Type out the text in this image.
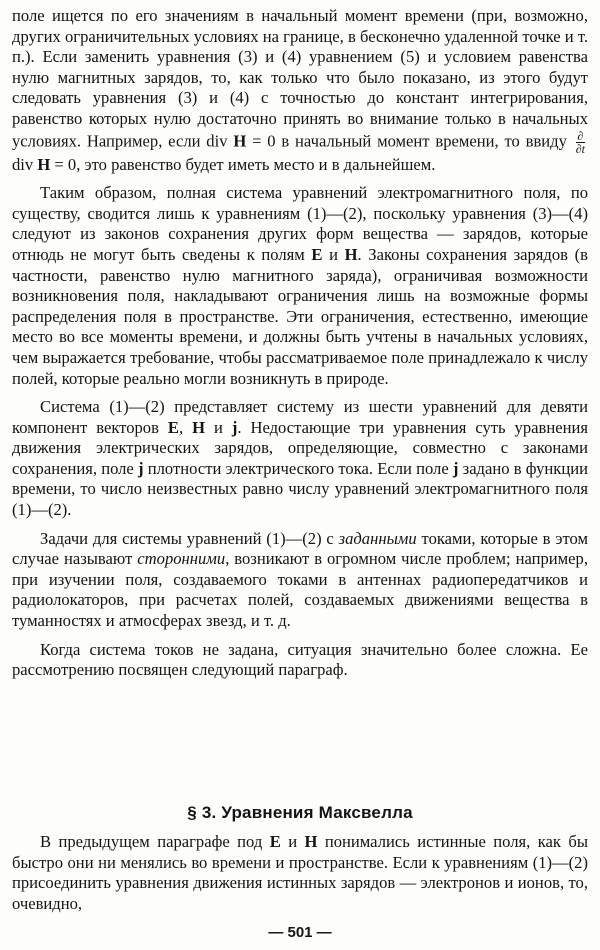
поле ищется по его значениям в начальный момент времени (при, возможно, других ограничительных условиях на границе, в бесконечно удаленной точке и т. п.). Если заменить уравнения (3) и (4) уравнением (5) и условием равенства нулю магнитных зарядов, то, как только что было показано, из этого будут следовать уравнения (3) и (4) с точностью до констант интегрирования, равенство которых нулю достаточно принять во внимание только в начальных условиях. Например, если div H = 0 в начальный момент времени, то ввиду $\frac{\partial}{\partial t}$
div H = 0, это равенство будет иметь место и в дальнейшем.

Таким образом, полная система уравнений электромагнитного поля, по существу, сводится лишь к уравнениям (1)—(2), поскольку уравнения (3)—(4) следуют из законов сохранения других форм вещества — зарядов, которые отнюдь не могут быть сведены к полям E и H. Законы сохранения зарядов (в частности, равенство нулю магнитного заряда), ограничивая возможности возникновения поля, накладывают ограничения лишь на возможные формы распределения поля в пространстве. Эти ограничения, естественно, имеющие место во все моменты времени, и должны быть учтены в начальных условиях, чем выражается требование, чтобы рассматриваемое поле принадлежало к числу полей, которые реально могли возникнуть в природе.

Система (1)—(2) представляет систему из шести уравнений для девяти компонент векторов E, H и j. Недостающие три уравнения суть уравнения движения электрических зарядов, определяющие, совместно с законами сохранения, поле j плотности электрического тока. Если поле j задано в функции времени, то число неизвестных равно числу уравнений электромагнитного поля (1)—(2).

Задачи для системы уравнений (1)—(2) с заданными токами, которые в этом случае называют сторонними, возникают в огромном числе проблем; например, при изучении поля, создаваемого токами в антеннах радиопередатчиков и радиолокаторов, при расчетах полей, создаваемых движениями вещества в туманностях и атмосферах звезд, и т. д.

Когда система токов не задана, ситуация значительно более сложна. Ее рассмотрению посвящен следующий параграф.

§ 3. Уравнения Максвелла

В предыдущем параграфе под E и H понимались истинные поля, как бы быстро они ни менялись во времени и пространстве. Если к уравнениям (1)—(2) присоединить уравнения движения истинных зарядов — электронов и ионов, то, очевидно,

— 501 —
